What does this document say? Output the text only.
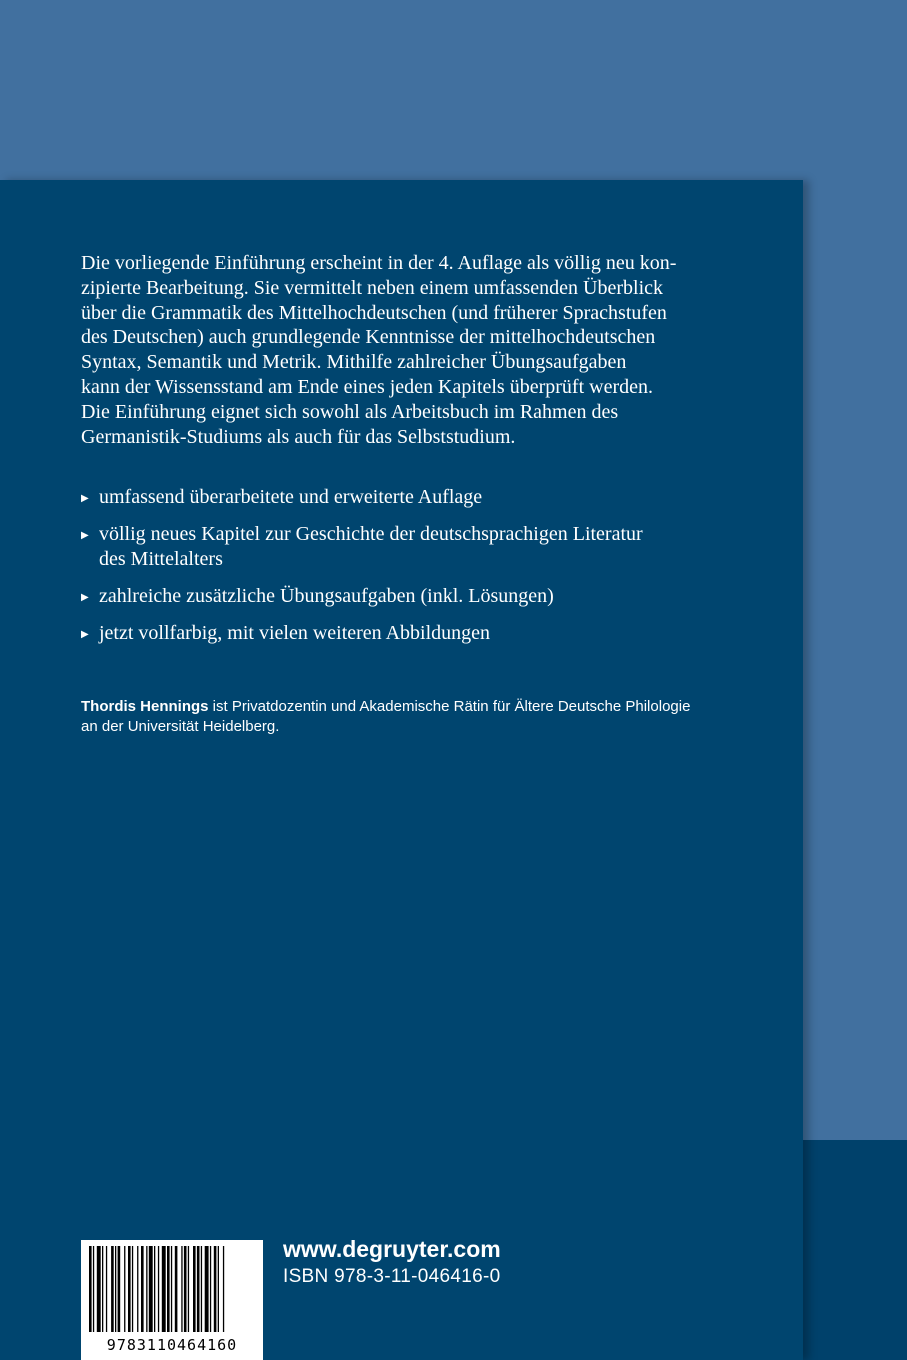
Die vorliegende Einführung erscheint in der 4. Auflage als völlig neu kon-
zipierte Bearbeitung. Sie vermittelt neben einem umfassenden Überblick
über die Grammatik des Mittelhochdeutschen (und früherer Sprachstufen
des Deutschen) auch grundlegende Kenntnisse der mittelhochdeutschen
Syntax, Semantik und Metrik. Mithilfe zahlreicher Übungsaufgaben
kann der Wissensstand am Ende eines jeden Kapitels überprüft werden.
Die Einführung eignet sich sowohl als Arbeitsbuch im Rahmen des
Germanistik-Studiums als auch für das Selbststudium.

▶ umfassend überarbeitete und erweiterte Auflage
▶ völlig neues Kapitel zur Geschichte der deutschsprachigen Literatur
des Mittelalters
▶ zahlreiche zusätzliche Übungsaufgaben (inkl. Lösungen)
▶ jetzt vollfarbig, mit vielen weiteren Abbildungen

Thordis Hennings ist Privatdozentin und Akademische Rätin für Ältere Deutsche Philologie
an der Universität Heidelberg.

9783110464160
www.degruyter.com
ISBN 978-3-11-046416-0
